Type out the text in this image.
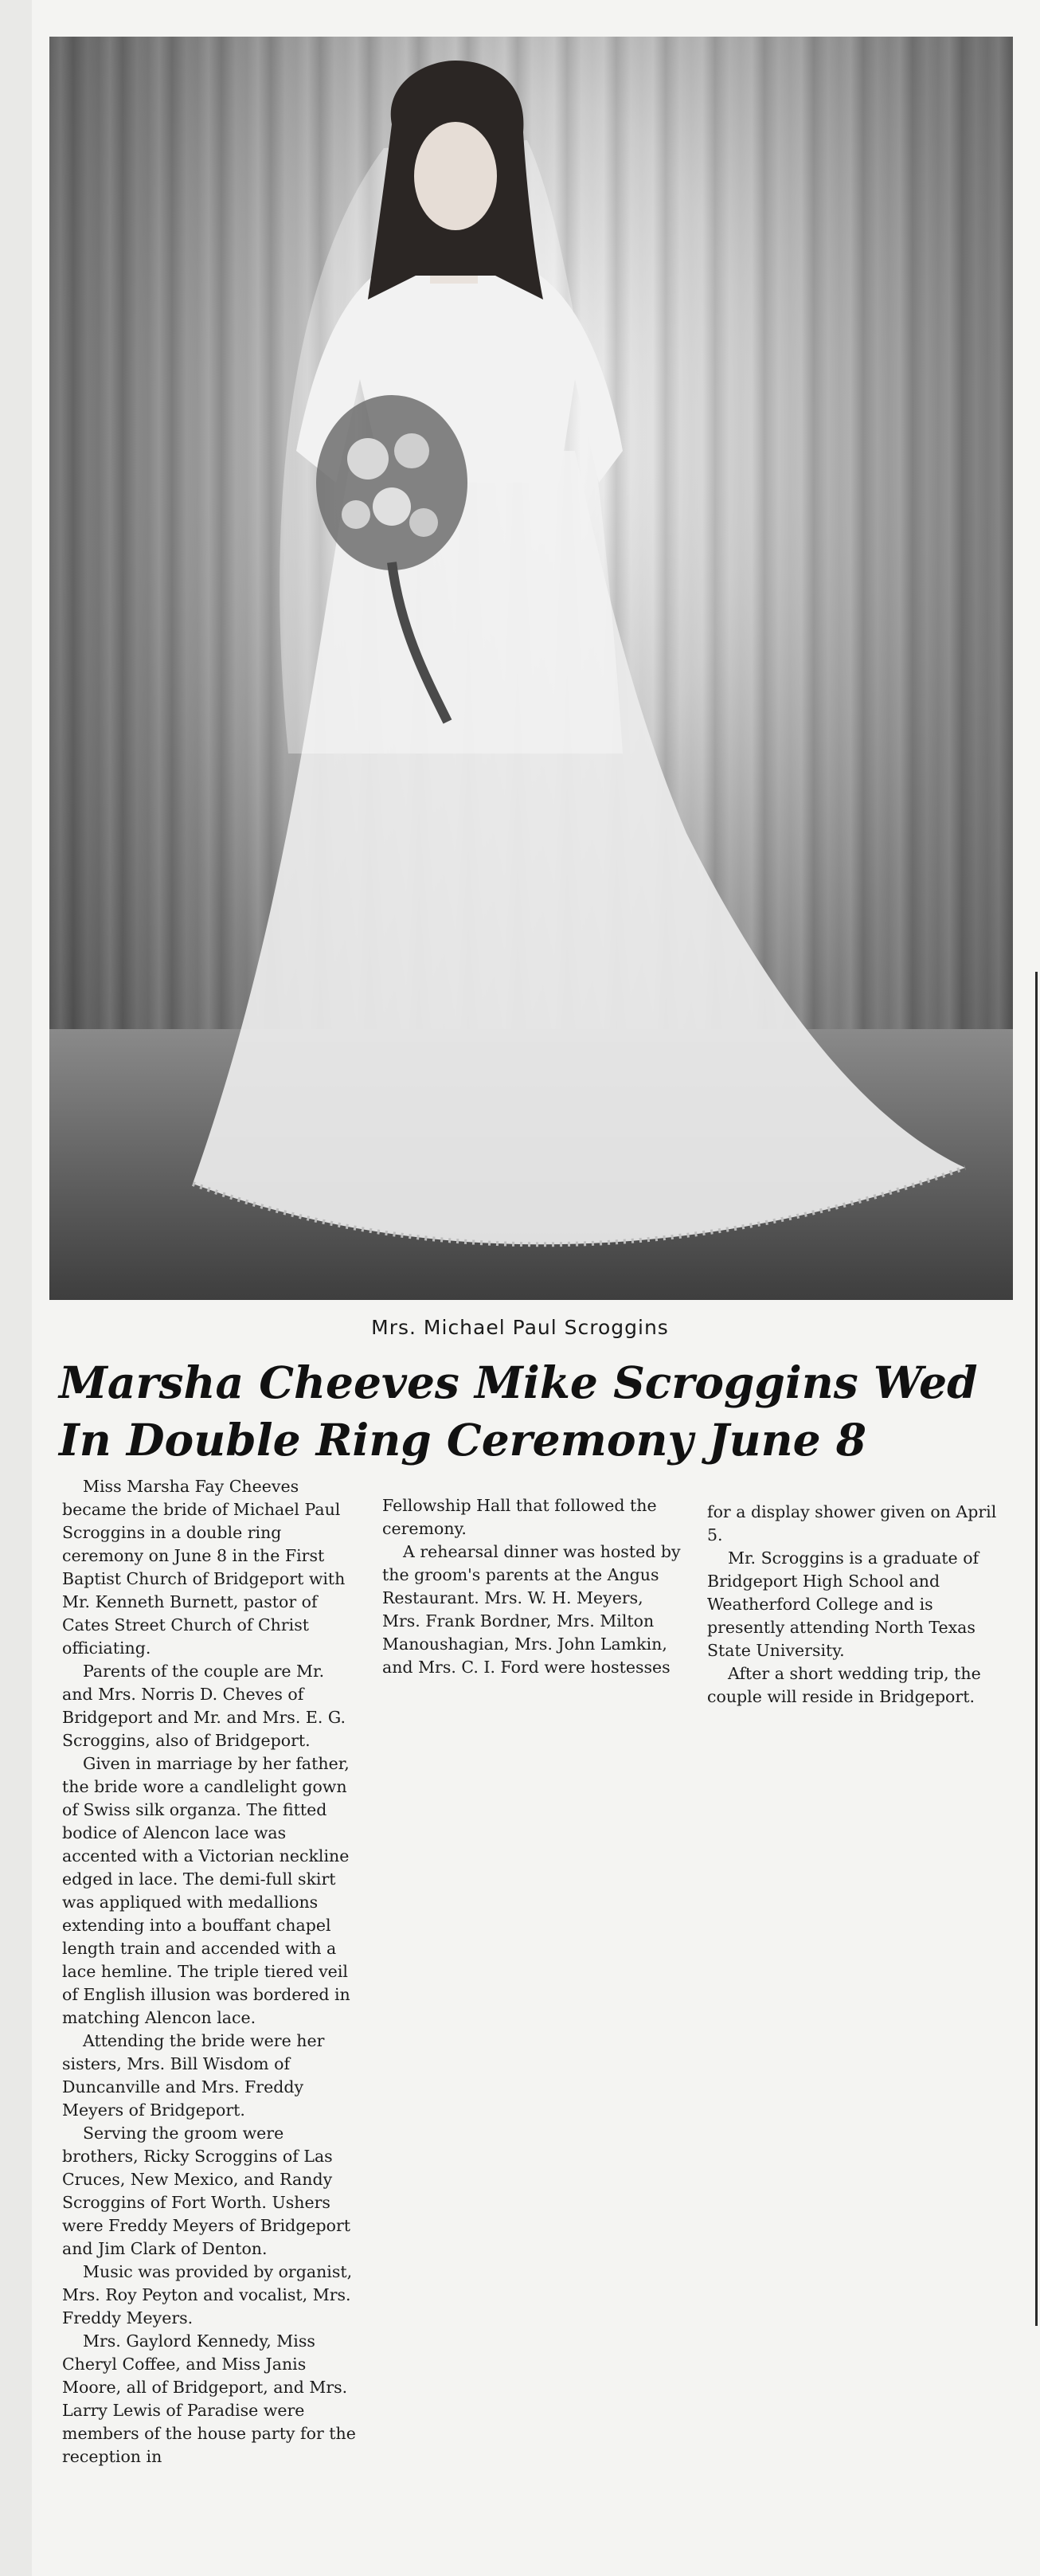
Mrs. Michael Paul Scroggins
Marsha Cheeves Mike Scroggins Wed
In Double Ring Ceremony June 8

Miss Marsha Fay Cheeves became the bride of Michael Paul Scroggins in a double ring ceremony on June 8 in the First Baptist Church of Bridgeport with Mr. Kenneth Burnett, pastor of Cates Street Church of Christ officiating.

Parents of the couple are Mr. and Mrs. Norris D. Cheves of Bridgeport and Mr. and Mrs. E. G. Scroggins, also of Bridgeport.

Given in marriage by her father, the bride wore a candlelight gown of Swiss silk organza. The fitted bodice of Alencon lace was accented with a Victorian neckline edged in lace. The demi-full skirt was appliqued with medallions extending into a bouffant chapel length train and accended with a lace hemline. The triple tiered veil of English illusion was bordered in matching Alencon lace.

Attending the bride were her sisters, Mrs. Bill Wisdom of Duncanville and Mrs. Freddy Meyers of Bridgeport.

Serving the groom were brothers, Ricky Scroggins of Las Cruces, New Mexico, and Randy Scroggins of Fort Worth. Ushers were Freddy Meyers of Bridgeport and Jim Clark of Denton.

Music was provided by organist, Mrs. Roy Peyton and vocalist, Mrs. Freddy Meyers.

Mrs. Gaylord Kennedy, Miss Cheryl Coffee, and Miss Janis Moore, all of Bridgeport, and Mrs. Larry Lewis of Paradise were members of the house party for the reception in

Fellowship Hall that followed the ceremony.

A rehearsal dinner was hosted by the groom's parents at the Angus Restaurant. Mrs. W. H. Meyers, Mrs. Frank Bordner, Mrs. Milton Manoushagian, Mrs. John Lamkin, and Mrs. C. I. Ford were hostesses

for a display shower given on April 5.

Mr. Scroggins is a graduate of Bridgeport High School and Weatherford College and is presently attending North Texas State University.

After a short wedding trip, the couple will reside in Bridgeport.
